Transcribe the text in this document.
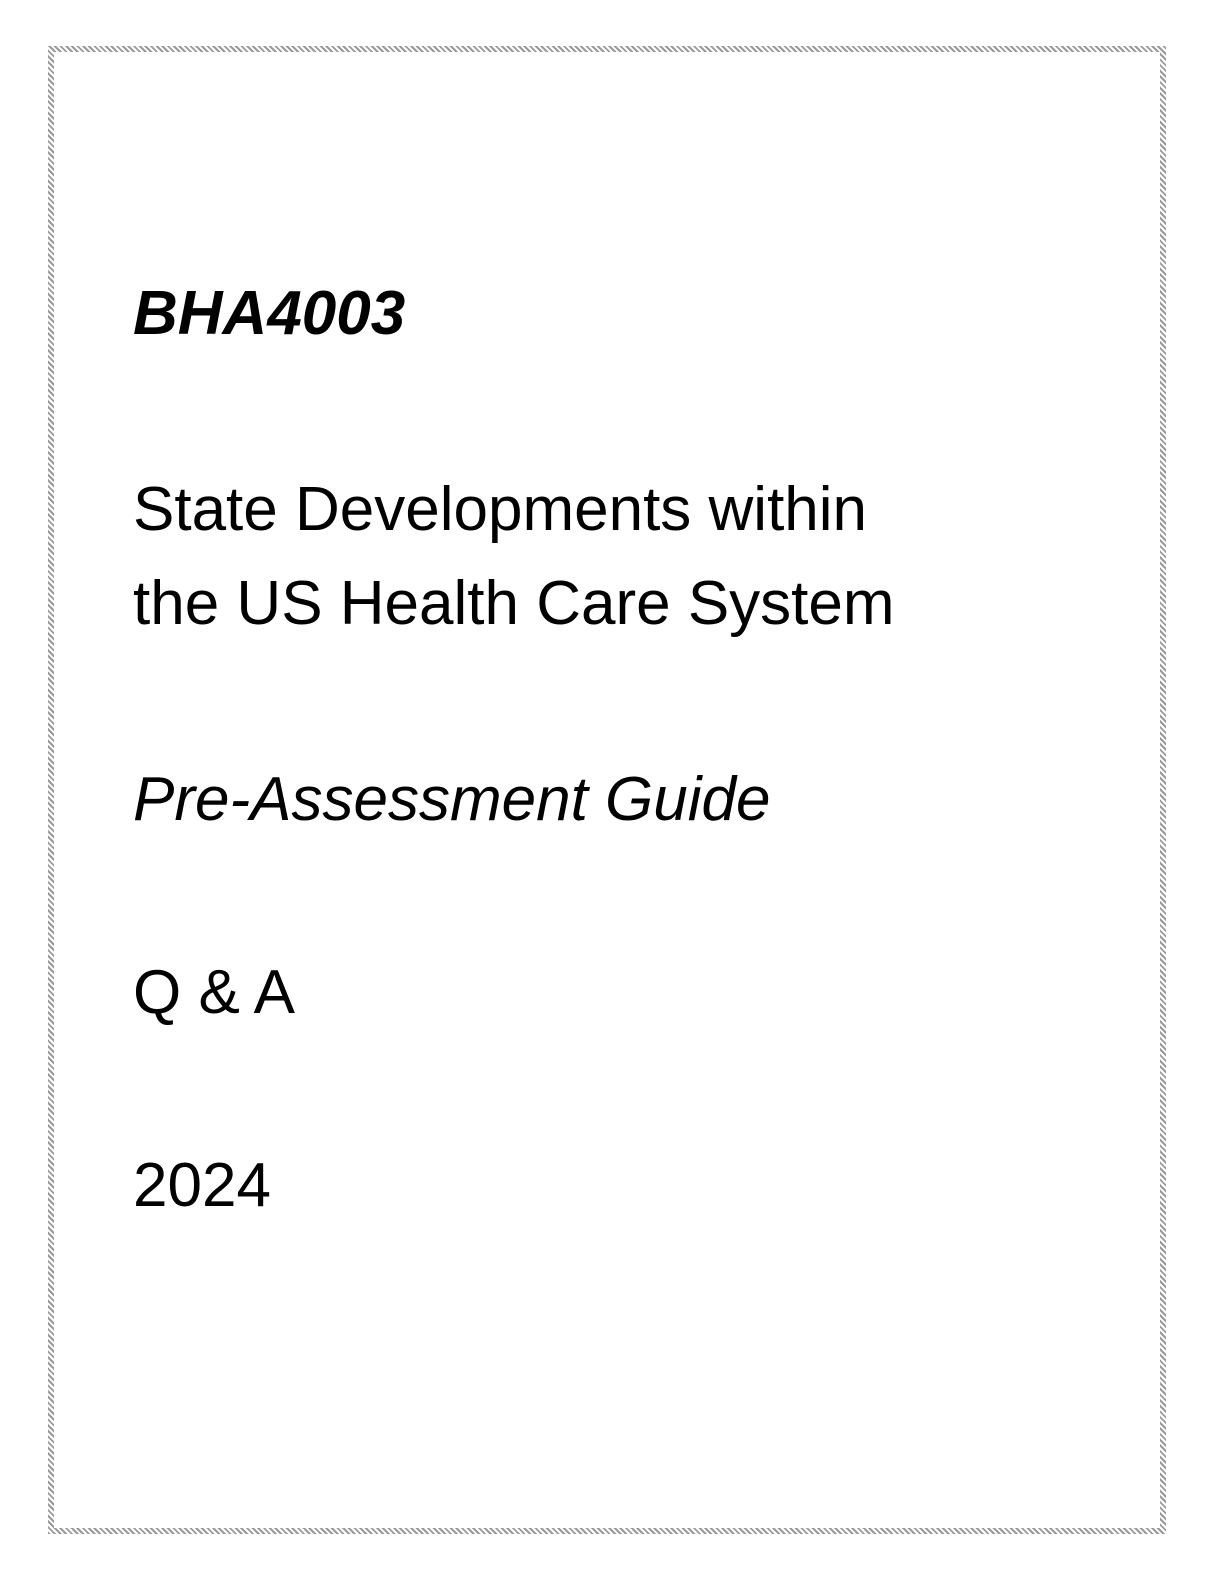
BHA4003
State Developments within
the US Health Care System
Pre-Assessment Guide
Q & A
2024
